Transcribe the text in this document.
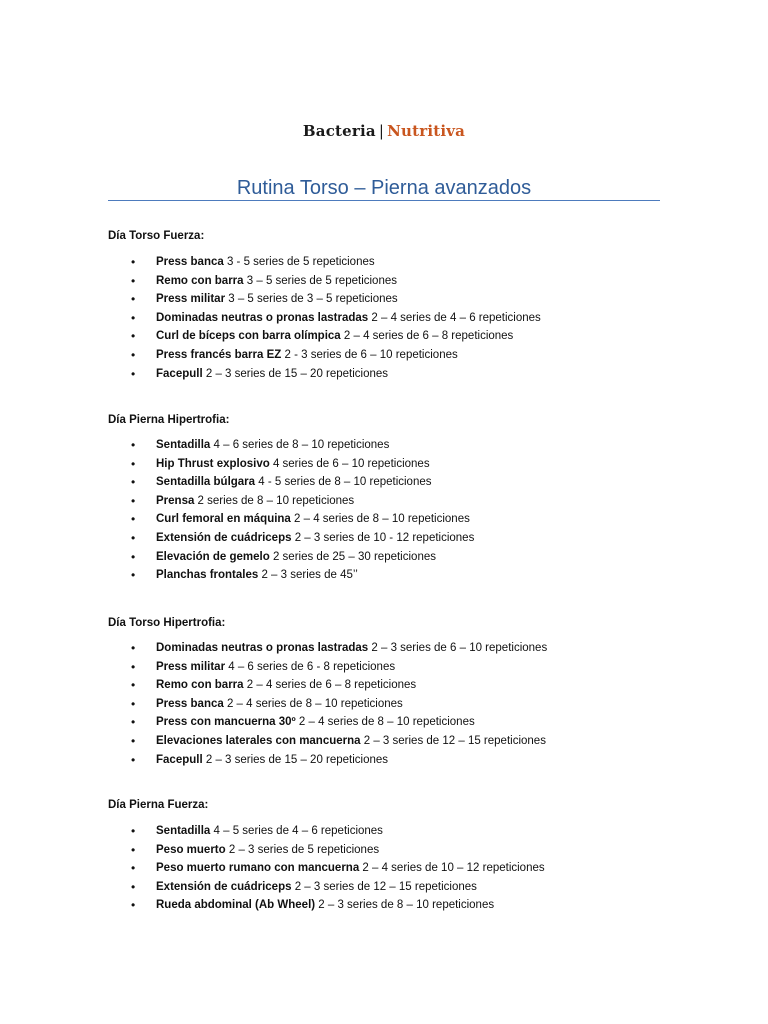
Bacteria | Nutritiva
Rutina Torso – Pierna avanzados

Día Torso Fuerza:

• Press banca 3 - 5 series de 5 repeticiones
• Remo con barra 3 – 5 series de 5 repeticiones
• Press militar 3 – 5 series de 3 – 5 repeticiones
• Dominadas neutras o pronas lastradas 2 – 4 series de 4 – 6 repeticiones
• Curl de bíceps con barra olímpica 2 – 4 series de 6 – 8 repeticiones
• Press francés barra EZ 2 - 3 series de 6 – 10 repeticiones
• Facepull 2 – 3 series de 15 – 20 repeticiones

Día Pierna Hipertrofia:

• Sentadilla 4 – 6 series de 8 – 10 repeticiones
• Hip Thrust explosivo 4 series de 6 – 10 repeticiones
• Sentadilla búlgara 4 - 5 series de 8 – 10 repeticiones
• Prensa 2 series de 8 – 10 repeticiones
• Curl femoral en máquina 2 – 4 series de 8 – 10 repeticiones
• Extensión de cuádriceps 2 – 3 series de 10 - 12 repeticiones
• Elevación de gemelo 2 series de 25 – 30 repeticiones
• Planchas frontales 2 – 3 series de 45’’

Día Torso Hipertrofia:

• Dominadas neutras o pronas lastradas 2 – 3 series de 6 – 10 repeticiones
• Press militar 4 – 6 series de 6 - 8 repeticiones
• Remo con barra 2 – 4 series de 6 – 8 repeticiones
• Press banca 2 – 4 series de 8 – 10 repeticiones
• Press con mancuerna 30º 2 – 4 series de 8 – 10 repeticiones
• Elevaciones laterales con mancuerna 2 – 3 series de 12 – 15 repeticiones
• Facepull 2 – 3 series de 15 – 20 repeticiones

Día Pierna Fuerza:

• Sentadilla 4 – 5 series de 4 – 6 repeticiones
• Peso muerto 2 – 3 series de 5 repeticiones
• Peso muerto rumano con mancuerna 2 – 4 series de 10 – 12 repeticiones
• Extensión de cuádriceps 2 – 3 series de 12 – 15 repeticiones
• Rueda abdominal (Ab Wheel) 2 – 3 series de 8 – 10 repeticiones
